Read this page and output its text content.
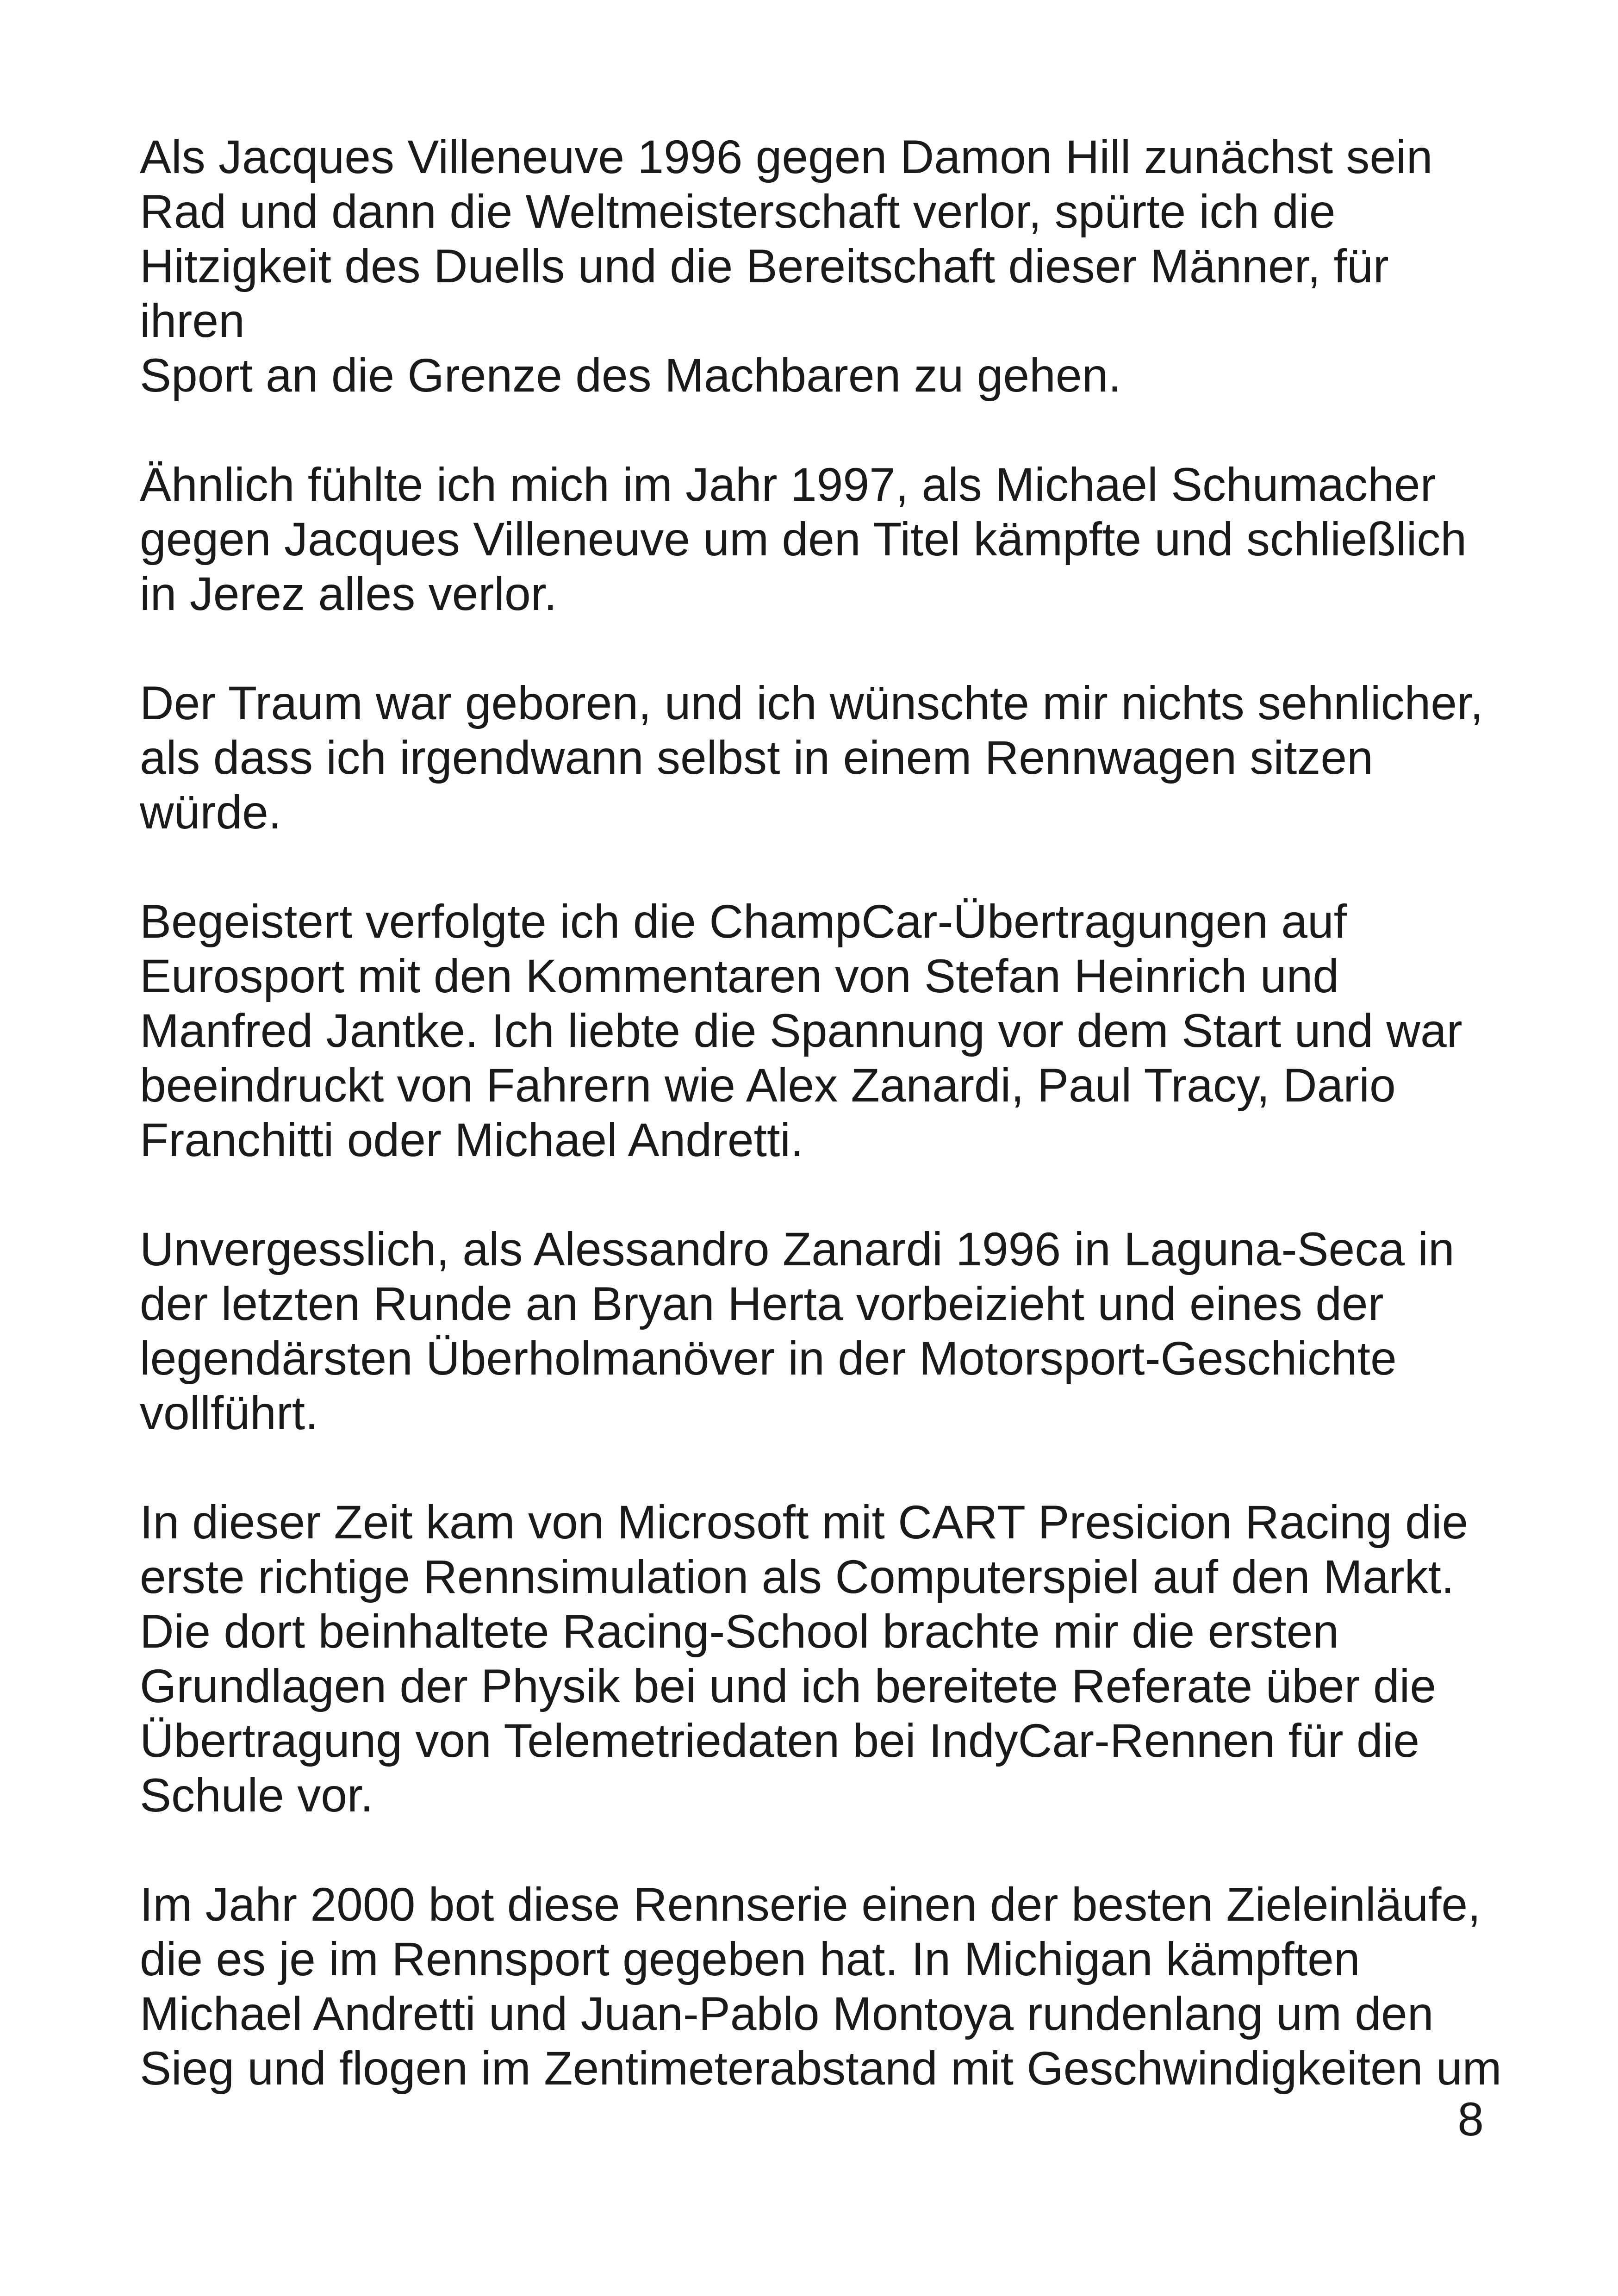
Als Jacques Villeneuve 1996 gegen Damon Hill zunächst sein
Rad und dann die Weltmeisterschaft verlor, spürte ich die
Hitzigkeit des Duells und die Bereitschaft dieser Männer, für ihren
Sport an die Grenze des Machbaren zu gehen.

Ähnlich fühlte ich mich im Jahr 1997, als Michael Schumacher
gegen Jacques Villeneuve um den Titel kämpfte und schließlich
in Jerez alles verlor.

Der Traum war geboren, und ich wünschte mir nichts sehnlicher,
als dass ich irgendwann selbst in einem Rennwagen sitzen
würde.

Begeistert verfolgte ich die ChampCar-Übertragungen auf
Eurosport mit den Kommentaren von Stefan Heinrich und
Manfred Jantke. Ich liebte die Spannung vor dem Start und war
beeindruckt von Fahrern wie Alex Zanardi, Paul Tracy, Dario
Franchitti oder Michael Andretti.

Unvergesslich, als Alessandro Zanardi 1996 in Laguna-Seca in
der letzten Runde an Bryan Herta vorbeizieht und eines der
legendärsten Überholmanöver in der Motorsport-Geschichte
vollführt.

In dieser Zeit kam von Microsoft mit CART Presicion Racing die
erste richtige Rennsimulation als Computerspiel auf den Markt.
Die dort beinhaltete Racing-School brachte mir die ersten
Grundlagen der Physik bei und ich bereitete Referate über die
Übertragung von Telemetriedaten bei IndyCar-Rennen für die
Schule vor.

Im Jahr 2000 bot diese Rennserie einen der besten Zieleinläufe,
die es je im Rennsport gegeben hat. In Michigan kämpften
Michael Andretti und Juan-Pablo Montoya rundenlang um den
Sieg und flogen im Zentimeterabstand mit Geschwindigkeiten um

8
